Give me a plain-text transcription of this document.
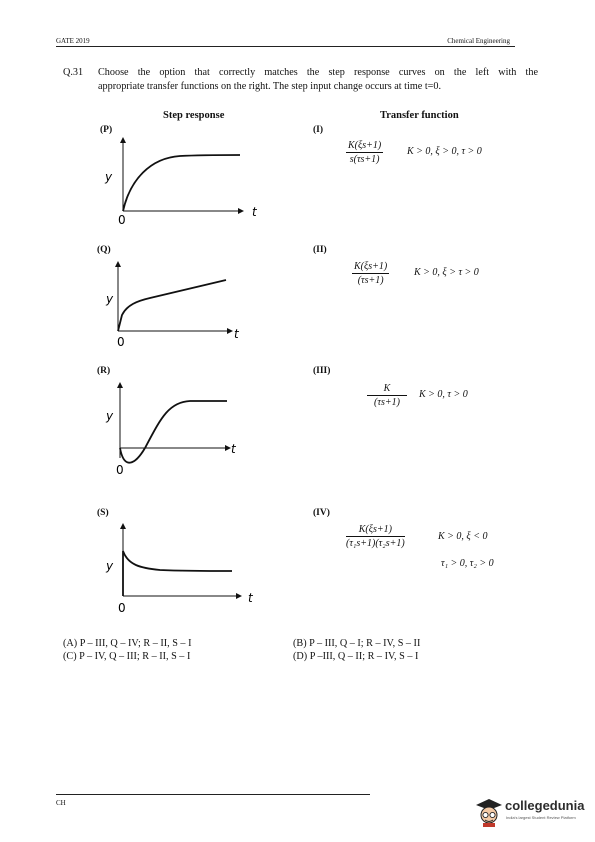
GATE 2019	Chemical Engineering
Q.31 Choose the option that correctly matches the step response curves on the left with the
appropriate transfer functions on the right. The step input change occurs at time t=0.
Step response	Transfer function
(P)
(Q)
(R)
(S)
y
t
0
y
t
0
y
t
0
y
t
0
(I)
(II)
(III)
(IV)
$\frac{K(\xi s+1)}{s(\tau s+1)}$ K > 0, ξ > 0, τ > 0
$\frac{K(\xi s+1)}{(\tau s+1)}$ K > 0, ξ > τ > 0
$\frac{K}{(\tau s+1)}$ K > 0, τ > 0
$\frac{K(\xi s+1)}{\text{(τ₁s+1)(τ₂s+1)}}$	K > 0, ξ < 0
τ₁ > 0, τ₂ > 0
(A) P – III, Q – IV; R – II, S – I	(B) P – III, Q – I; R – IV, S – II
(C) P – IV, Q – III; R – II, S – I	(D) P –III, Q – II; R – IV, S – I
CH	collegedunia
India's largest Student Review Platform
